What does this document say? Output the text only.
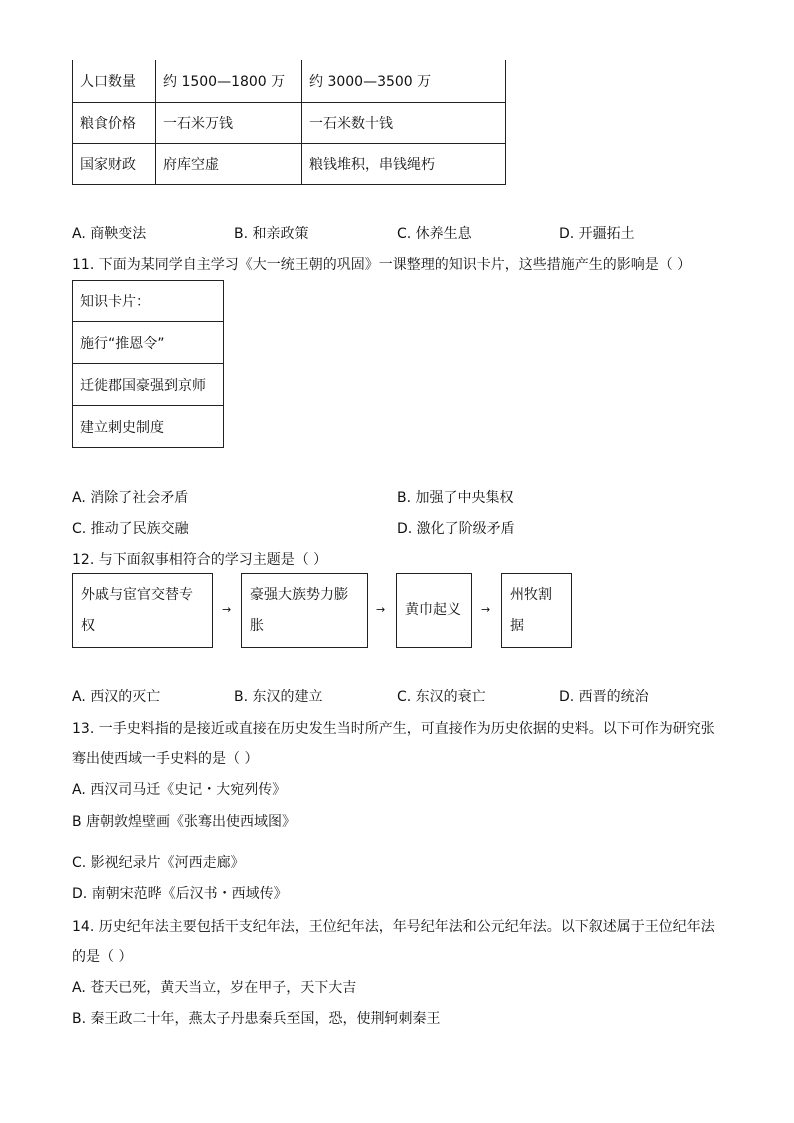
人口数量	约 1500—1800 万	约 3000—3500 万
粮食价格	一石米万钱	一石米数十钱
国家财政	府库空虚	粮钱堆积，串钱绳朽
A. 商鞅变法	B. 和亲政策	C. 休养生息	D. 开疆拓土
11. 下面为某同学自主学习《大一统王朝的巩固》一课整理的知识卡片，这些措施产生的影响是（ ）
知识卡片：
施行“推恩令”
迁徙郡国豪强到京师
建立刺史制度
A. 消除了社会矛盾	B. 加强了中央集权
C. 推动了民族交融	D. 激化了阶级矛盾
12. 与下面叙事相符合的学习主题是（ ）
外戚与宦官交替专权
→
豪强大族势力膨胀
→	黄巾起义	→
州牧割据
A. 西汉的灭亡	B. 东汉的建立	C. 东汉的衰亡	D. 西晋的统治
13. 一手史料指的是接近或直接在历史发生当时所产生，可直接作为历史依据的史料。以下可作为研究张
骞出使西域一手史料的是（ ）
A. 西汉司马迁《史记・大宛列传》
B 唐朝敦煌壁画《张骞出使西域图》
C. 影视纪录片《河西走廊》
D. 南朝宋范晔《后汉书・西域传》
14. 历史纪年法主要包括干支纪年法，王位纪年法，年号纪年法和公元纪年法。以下叙述属于王位纪年法
的是（ ）
A. 苍天已死，黄天当立，岁在甲子，天下大吉
B. 秦王政二十年，燕太子丹患秦兵至国，恐，使荆轲刺秦王
